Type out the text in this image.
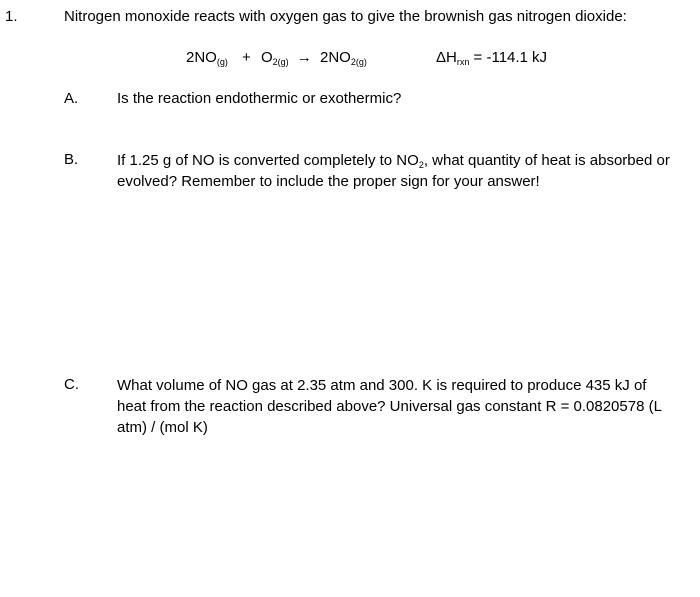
1.	Nitrogen monoxide reacts with oxygen gas to give the brownish gas nitrogen dioxide:
$2NO_{(g)} + O_{2(g)} \to 2NO_{2(g)}$	$\Delta H_{rxn} = -114.1$ kJ
A.	Is the reaction endothermic or exothermic?
B.	If 1.25 g of NO is converted completely to $NO_2$, what quantity of heat is absorbed or evolved? Remember to include the proper sign for your answer!
C.	What volume of NO gas at 2.35 atm and 300. K is required to produce 435 kJ of heat from the reaction described above? Universal gas constant R = 0.0820578 (L atm) / (mol K)
